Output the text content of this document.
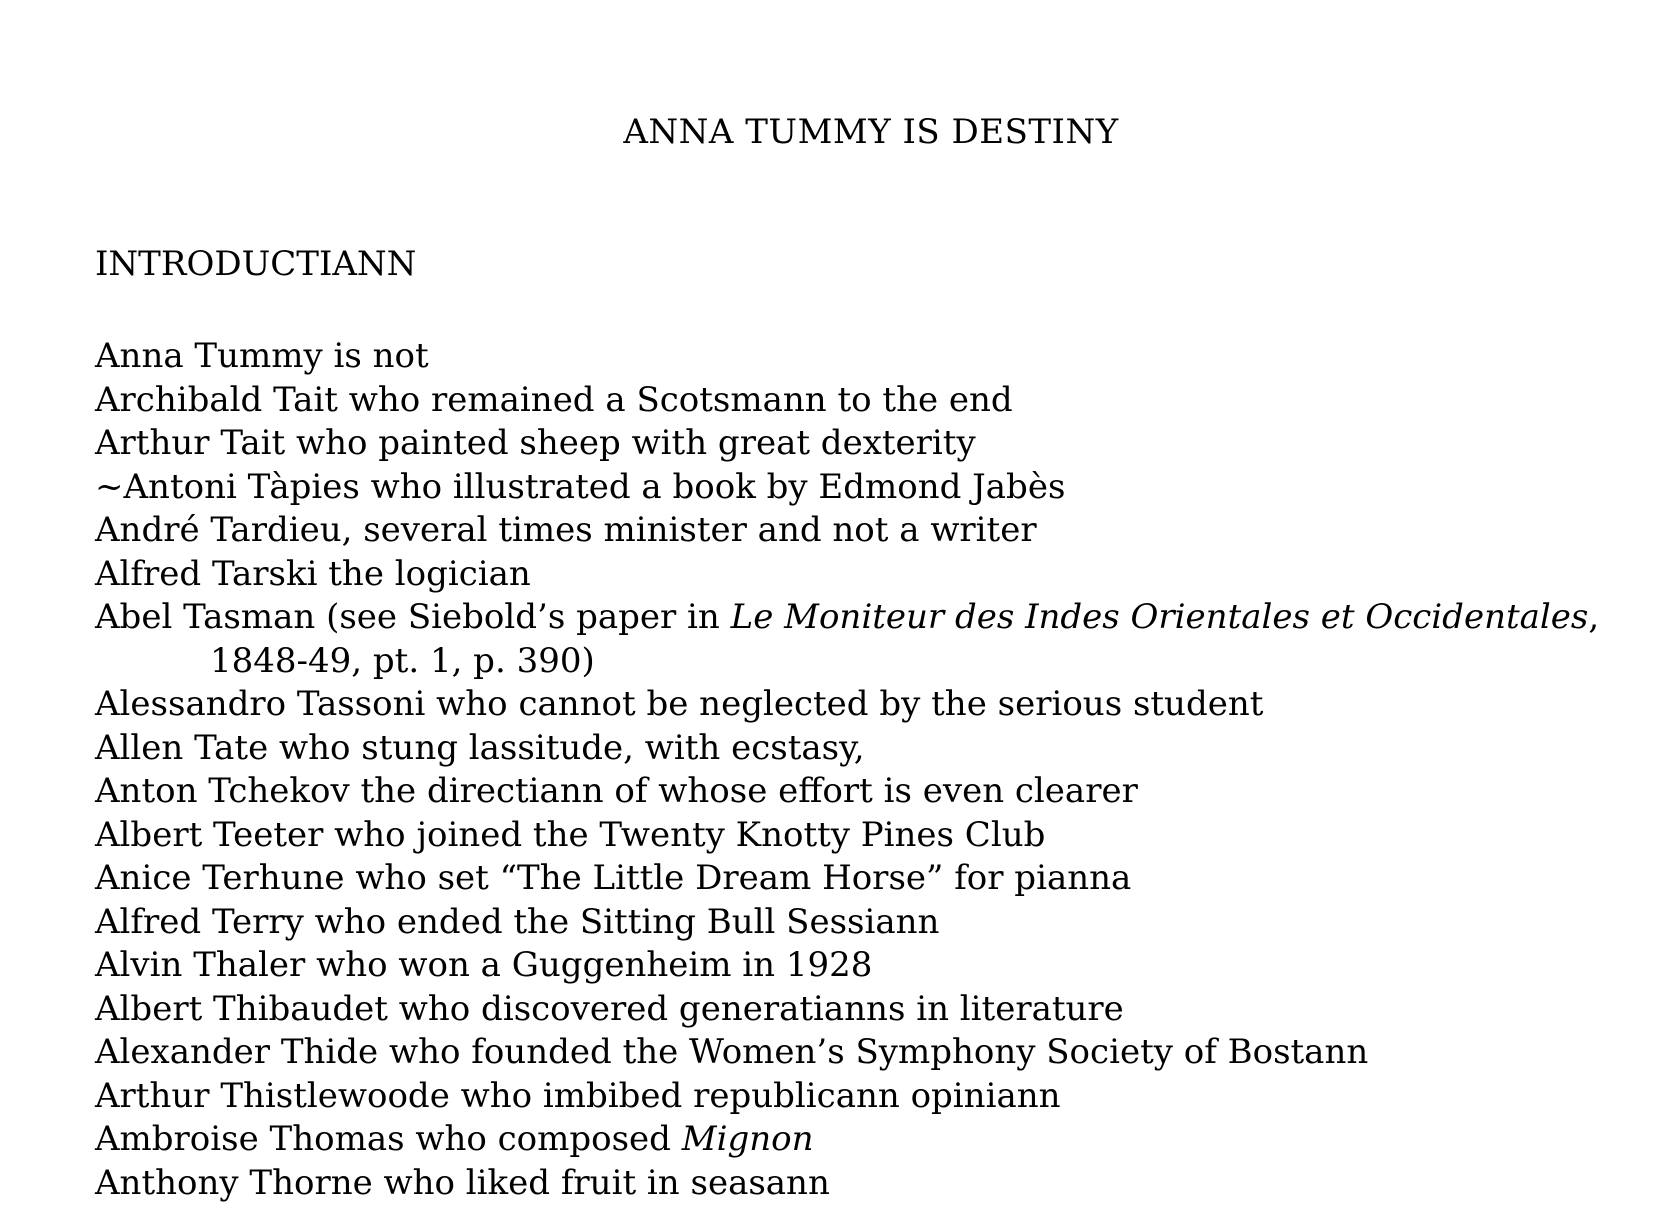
ANNA TUMMY IS DESTINY
INTRODUCTIANN
Anna Tummy is not
Archibald Tait who remained a Scotsmann to the end
Arthur Tait who painted sheep with great dexterity
~Antoni Tàpies who illustrated a book by Edmond Jabès
André Tardieu, several times minister and not a writer
Alfred Tarski the logician
Abel Tasman (see Siebold’s paper in Le Moniteur des Indes Orientales et Occidentales, 1848-49, pt. 1, p. 390)
Alessandro Tassoni who cannot be neglected by the serious student
Allen Tate who stung lassitude, with ecstasy,
Anton Tchekov the directiann of whose effort is even clearer
Albert Teeter who joined the Twenty Knotty Pines Club
Anice Terhune who set “The Little Dream Horse” for pianna
Alfred Terry who ended the Sitting Bull Sessiann
Alvin Thaler who won a Guggenheim in 1928
Albert Thibaudet who discovered generatianns in literature
Alexander Thide who founded the Women’s Symphony Society of Bostann
Arthur Thistlewoode who imbibed republicann opiniann
Ambroise Thomas who composed Mignon
Anthony Thorne who liked fruit in seasann
